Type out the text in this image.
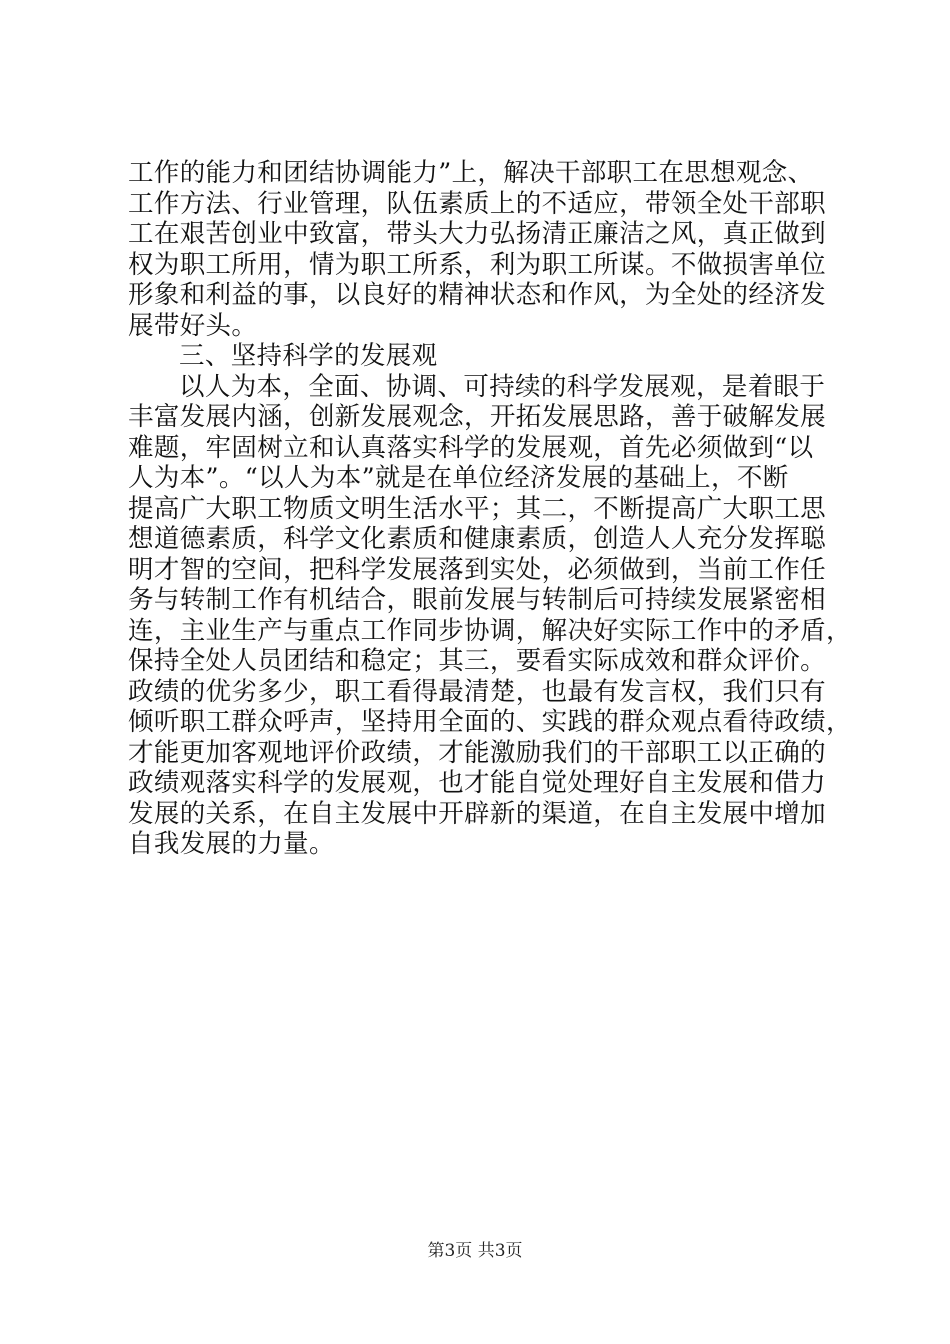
工作的能力和团结协调能力”上，解决干部职工在思想观念、
工作方法、行业管理，队伍素质上的不适应，带领全处干部职
工在艰苦创业中致富，带头大力弘扬清正廉洁之风，真正做到
权为职工所用，情为职工所系，利为职工所谋。不做损害单位
形象和利益的事，以良好的精神状态和作风，为全处的经济发
展带好头。
三、坚持科学的发展观
以人为本，全面、协调、可持续的科学发展观，是着眼于
丰富发展内涵，创新发展观念，开拓发展思路，善于破解发展
难题，牢固树立和认真落实科学的发展观，首先必须做到“以
人为本”。“以人为本”就是在单位经济发展的基础上，不断
提高广大职工物质文明生活水平；其二，不断提高广大职工思
想道德素质，科学文化素质和健康素质，创造人人充分发挥聪
明才智的空间，把科学发展落到实处，必须做到，当前工作任
务与转制工作有机结合，眼前发展与转制后可持续发展紧密相
连，主业生产与重点工作同步协调，解决好实际工作中的矛盾，
保持全处人员团结和稳定；其三，要看实际成效和群众评价。
政绩的优劣多少，职工看得最清楚，也最有发言权，我们只有
倾听职工群众呼声，坚持用全面的、实践的群众观点看待政绩，
才能更加客观地评价政绩，才能激励我们的干部职工以正确的
政绩观落实科学的发展观，也才能自觉处理好自主发展和借力
发展的关系，在自主发展中开辟新的渠道，在自主发展中增加
自我发展的力量。
第3页 共3页
